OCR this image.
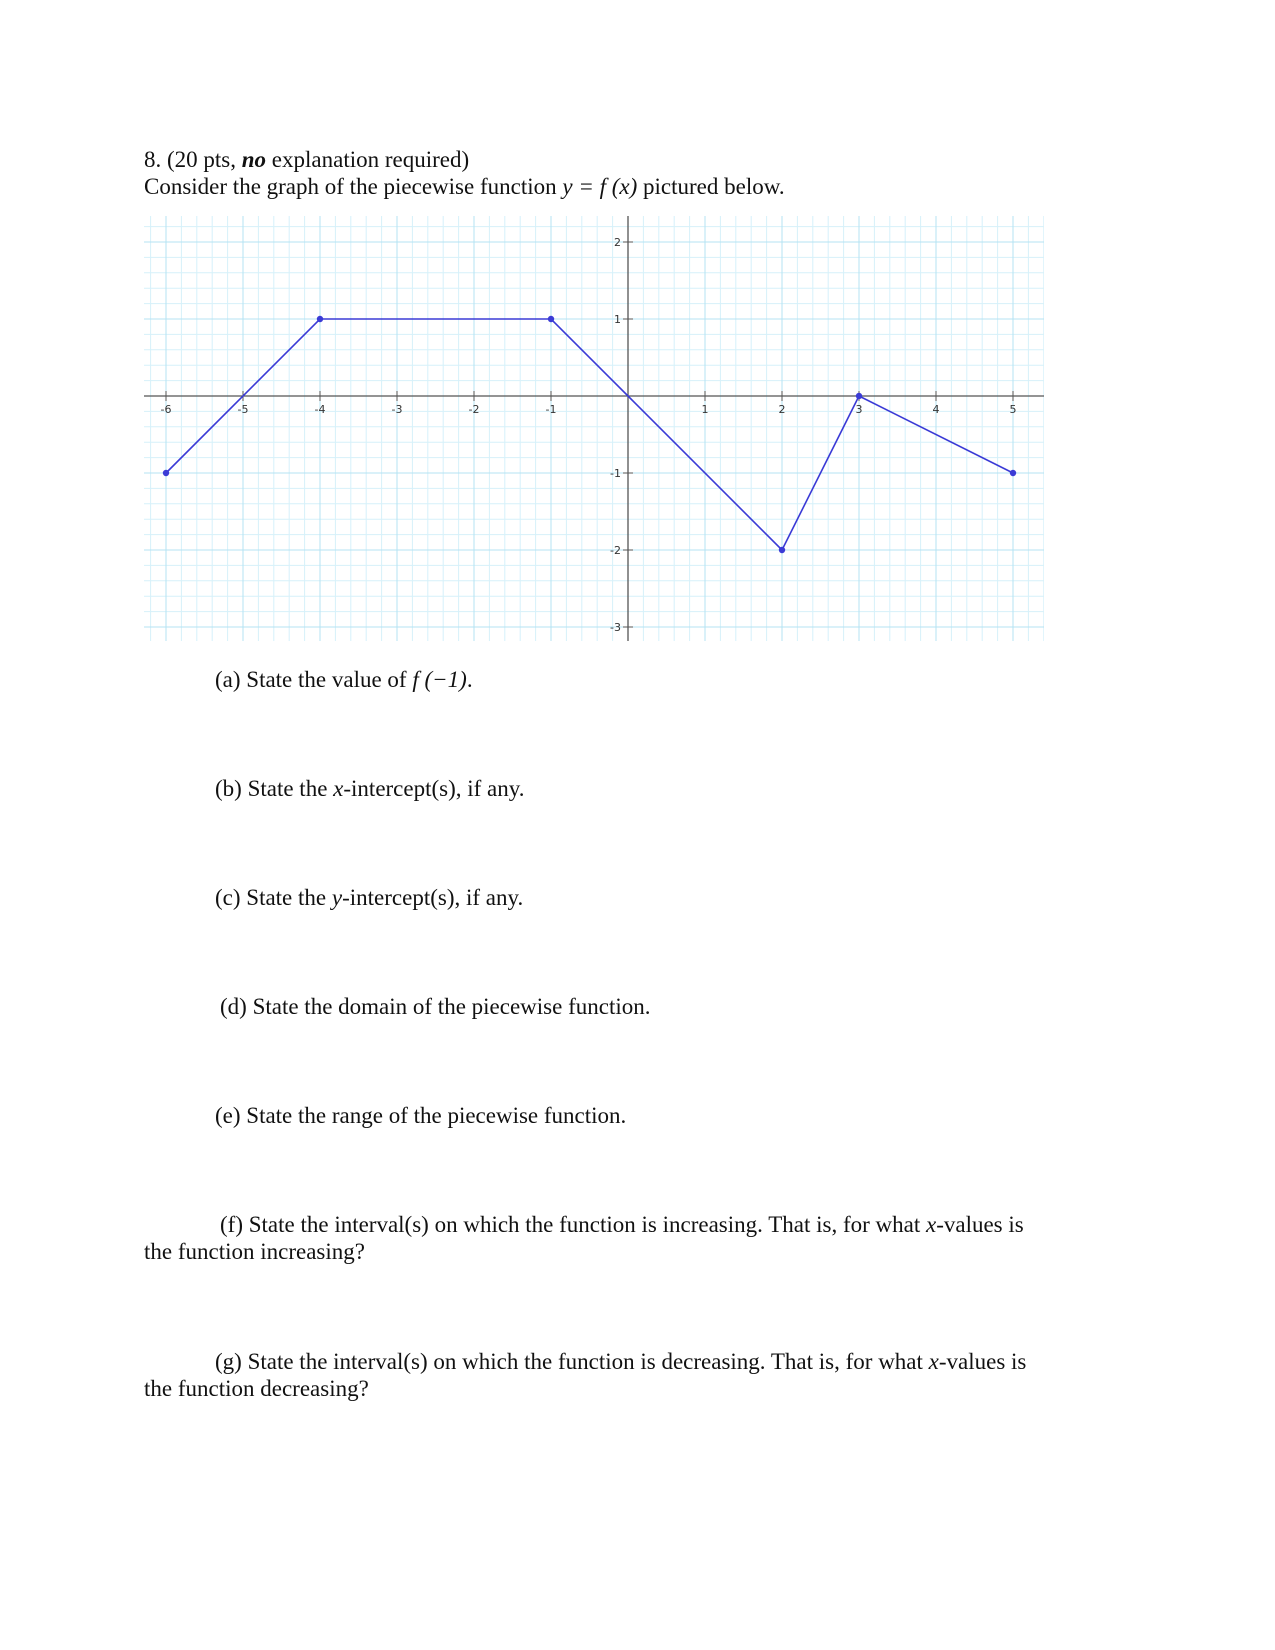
8. (20 pts, no explanation required)
Consider the graph of the piecewise function y = f (x) pictured below.
-6	-5	-4	-3	-2	-1	1	2	3	4	5
2
1
-1
-2
-3
(a) State the value of f (−1).
(b) State the x-intercept(s), if any.
(c) State the y-intercept(s), if any.
(d) State the domain of the piecewise function.
(e) State the range of the piecewise function.
(f) State the interval(s) on which the function is increasing. That is, for what x-values is
the function increasing?
(g) State the interval(s) on which the function is decreasing. That is, for what x-values is
the function decreasing?
